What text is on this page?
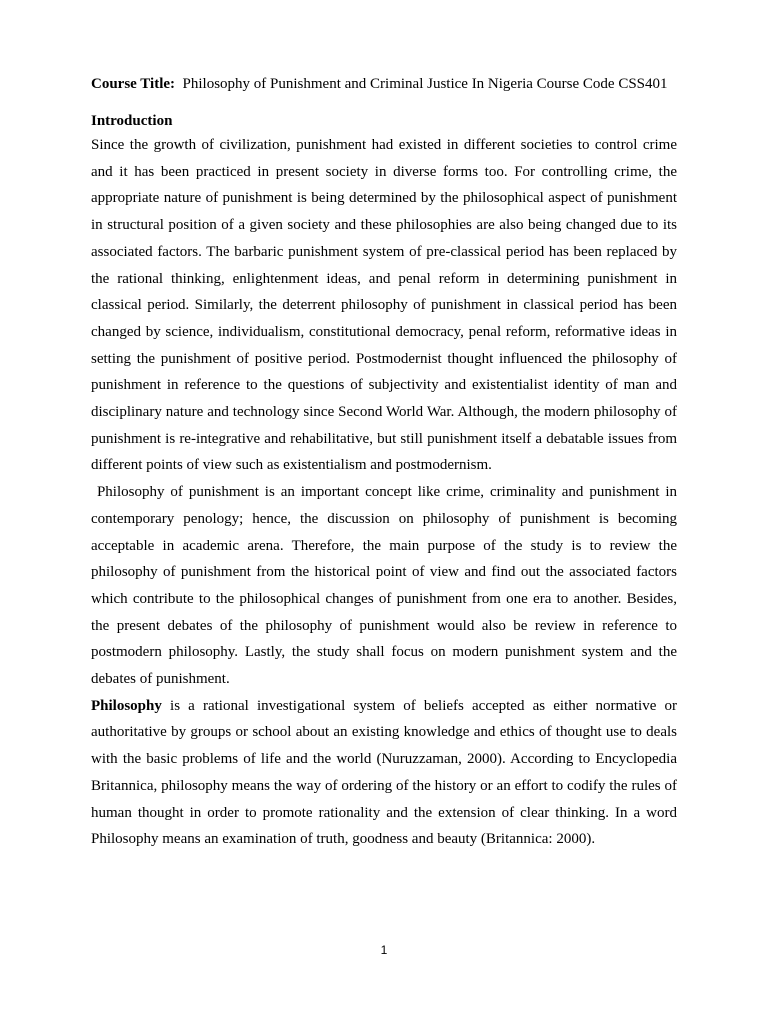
Course Title: Philosophy of Punishment and Criminal Justice In Nigeria Course Code CSS401

Introduction

Since the growth of civilization, punishment had existed in different societies to control crime and it has been practiced in present society in diverse forms too. For controlling crime, the appropriate nature of punishment is being determined by the philosophical aspect of punishment in structural position of a given society and these philosophies are also being changed due to its associated factors. The barbaric punishment system of pre-classical period has been replaced by the rational thinking, enlightenment ideas, and penal reform in determining punishment in classical period. Similarly, the deterrent philosophy of punishment in classical period has been changed by science, individualism, constitutional democracy, penal reform, reformative ideas in setting the punishment of positive period. Postmodernist thought influenced the philosophy of punishment in reference to the questions of subjectivity and existentialist identity of man and disciplinary nature and technology since Second World War. Although, the modern philosophy of punishment is re-integrative and rehabilitative, but still punishment itself a debatable issues from different points of view such as existentialism and postmodernism.

Philosophy of punishment is an important concept like crime, criminality and punishment in contemporary penology; hence, the discussion on philosophy of punishment is becoming acceptable in academic arena. Therefore, the main purpose of the study is to review the philosophy of punishment from the historical point of view and find out the associated factors which contribute to the philosophical changes of punishment from one era to another. Besides, the present debates of the philosophy of punishment would also be review in reference to postmodern philosophy. Lastly, the study shall focus on modern punishment system and the debates of punishment.

Philosophy is a rational investigational system of beliefs accepted as either normative or authoritative by groups or school about an existing knowledge and ethics of thought use to deals with the basic problems of life and the world (Nuruzzaman, 2000). According to Encyclopedia Britannica, philosophy means the way of ordering of the history or an effort to codify the rules of human thought in order to promote rationality and the extension of clear thinking. In a word Philosophy means an examination of truth, goodness and beauty (Britannica: 2000).

1
